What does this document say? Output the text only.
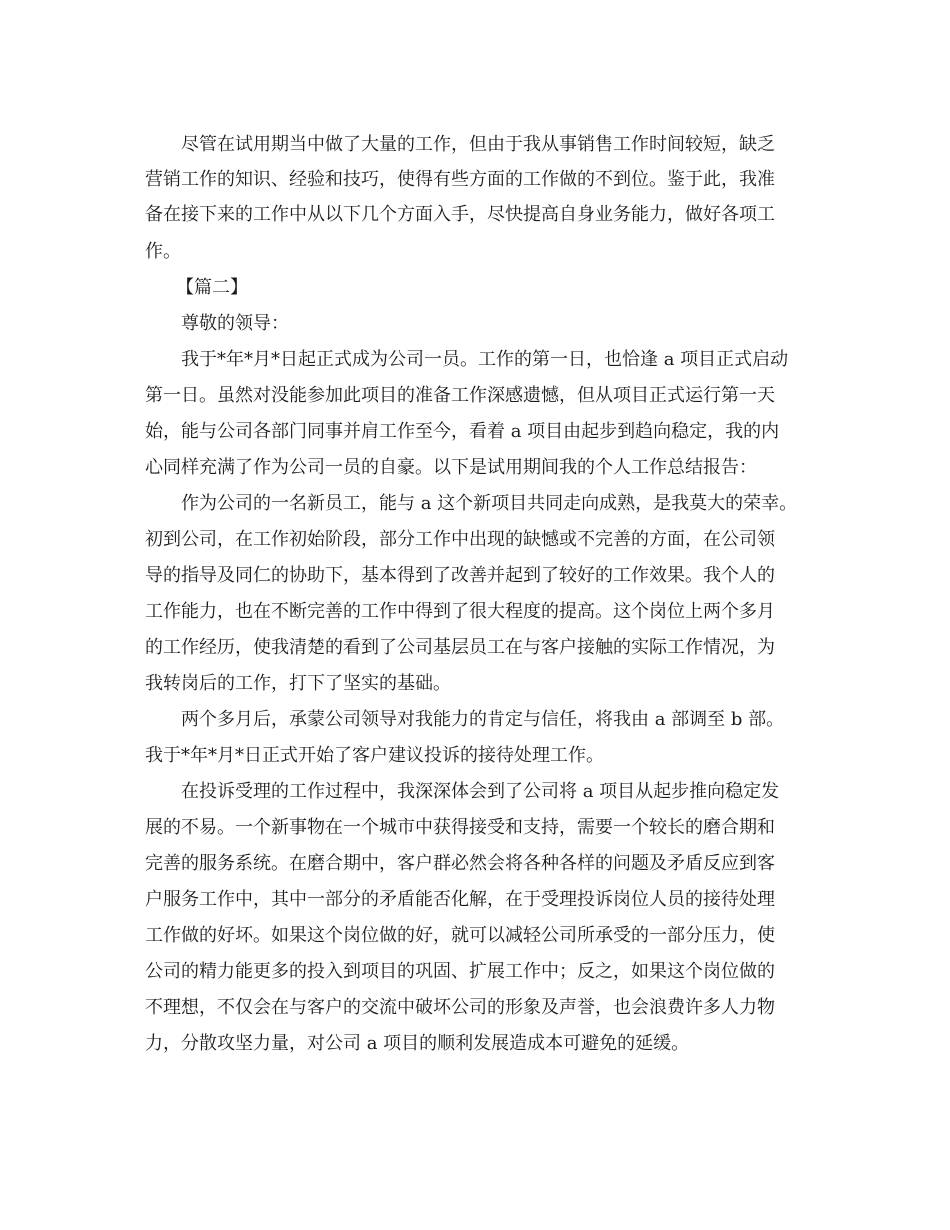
尽管在试用期当中做了大量的工作，但由于我从事销售工作时间较短，缺乏
营销工作的知识、经验和技巧，使得有些方面的工作做的不到位。鉴于此，我准
备在接下来的工作中从以下几个方面入手，尽快提高自身业务能力，做好各项工
作。
【篇二】
尊敬的领导：
我于*年*月*日起正式成为公司一员。工作的第一日，也恰逢 a 项目正式启动
第一日。虽然对没能参加此项目的准备工作深感遗憾，但从项目正式运行第一天
始，能与公司各部门同事并肩工作至今，看着 a 项目由起步到趋向稳定，我的内
心同样充满了作为公司一员的自豪。以下是试用期间我的个人工作总结报告：
作为公司的一名新员工，能与 a 这个新项目共同走向成熟，是我莫大的荣幸。
初到公司，在工作初始阶段，部分工作中出现的缺憾或不完善的方面，在公司领
导的指导及同仁的协助下，基本得到了改善并起到了较好的工作效果。我个人的
工作能力，也在不断完善的工作中得到了很大程度的提高。这个岗位上两个多月
的工作经历，使我清楚的看到了公司基层员工在与客户接触的实际工作情况，为
我转岗后的工作，打下了坚实的基础。
两个多月后，承蒙公司领导对我能力的肯定与信任，将我由 a 部调至 b 部。
我于*年*月*日正式开始了客户建议投诉的接待处理工作。
在投诉受理的工作过程中，我深深体会到了公司将 a 项目从起步推向稳定发
展的不易。一个新事物在一个城市中获得接受和支持，需要一个较长的磨合期和
完善的服务系统。在磨合期中，客户群必然会将各种各样的问题及矛盾反应到客
户服务工作中，其中一部分的矛盾能否化解，在于受理投诉岗位人员的接待处理
工作做的好坏。如果这个岗位做的好，就可以减轻公司所承受的一部分压力，使
公司的精力能更多的投入到项目的巩固、扩展工作中；反之，如果这个岗位做的
不理想，不仅会在与客户的交流中破坏公司的形象及声誉，也会浪费许多人力物
力，分散攻坚力量，对公司 a 项目的顺利发展造成本可避免的延缓。
